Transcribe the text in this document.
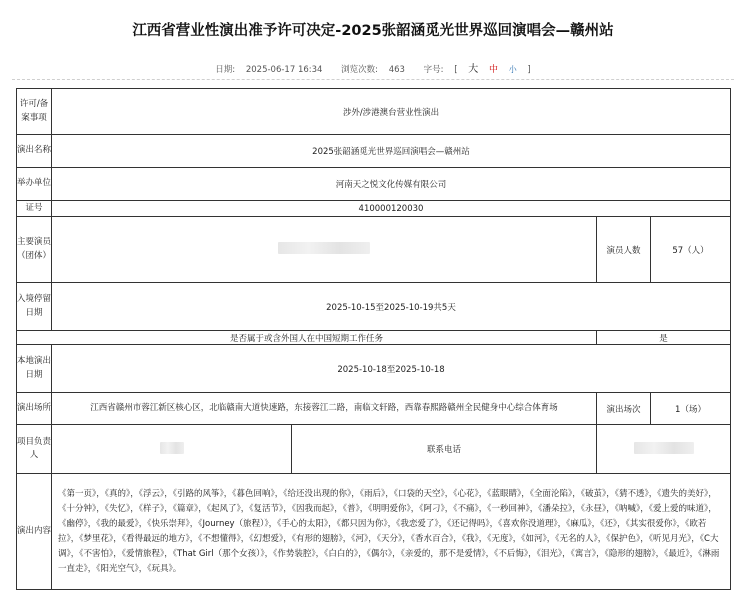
江西省营业性演出准予许可决定-2025张韶涵觅光世界巡回演唱会—赣州站
日期: 2025-06-17 16:34 浏览次数: 463 字号: [ 大 中 小 ]
许可/备案事项	涉外/涉港澳台营业性演出			
演出名称	2025张韶涵觅光世界巡回演唱会—赣州站			
举办单位	河南天之悦文化传媒有限公司			
证号	410000120030			
主要演员（团体）			演员人数	57（人）
入境停留日期	2025-10-15至2025-10-19共5天			
是否属于或含外国人在中国短期工作任务			是	
本地演出日期	2025-10-18至2025-10-18			
演出场所	江西省赣州市蓉江新区核心区，北临赣南大道快速路，东接蓉江二路，南临文轩路，西靠春熙路赣州全民健身中心综合体育场		演出场次	1（场）
项目负责人		联系电话		
演出内容	《第一页》，《真的》，《浮云》，《引路的风筝》，《暮色回响》，《给还没出现的你》，《雨后》，《口袋的天空》，《心花》，《蓝眼睛》，《全面沦陷》，《破茧》，《猜不透》，《遗失的美好》，《十分钟》，《失忆》，《样子》，《篇章》，《起风了》，《复活节》，《因我而起》，《普》，《明明爱你》，《阿刁》，《不痛》，《一秒回神》，《潘朵拉》，《永昼》，《呐喊》，《爱上爱的味道》，《幽停》，《我的最爱》，《快乐崇拜》，《Journey（旅程）》，《手心的太阳》，《都只因为你》，《我恋爱了》，《还记得吗》，《喜欢你没道理》，《麻瓜》，《还》，《其实很爱你》，《欧若拉》，《梦里花》，《看得最远的地方》，《不想懂得》，《幻想爱》，《有形的翅膀》，《河》，《天分》，《香水百合》，《我》，《无度》，《如河》，《无名的人》，《保护色》，《听见月光》，《C大调》，《不害怕》，《爱情旅程》，《That Girl（那个女孩）》，《作势装腔》，《白白的》，《偶尔》，《亲爱的，那不是爱情》，《不后悔》，《泪光》，《寓言》，《隐形的翅膀》，《最近》，《淋雨一直走》，《阳光空气》，《玩具》。			
